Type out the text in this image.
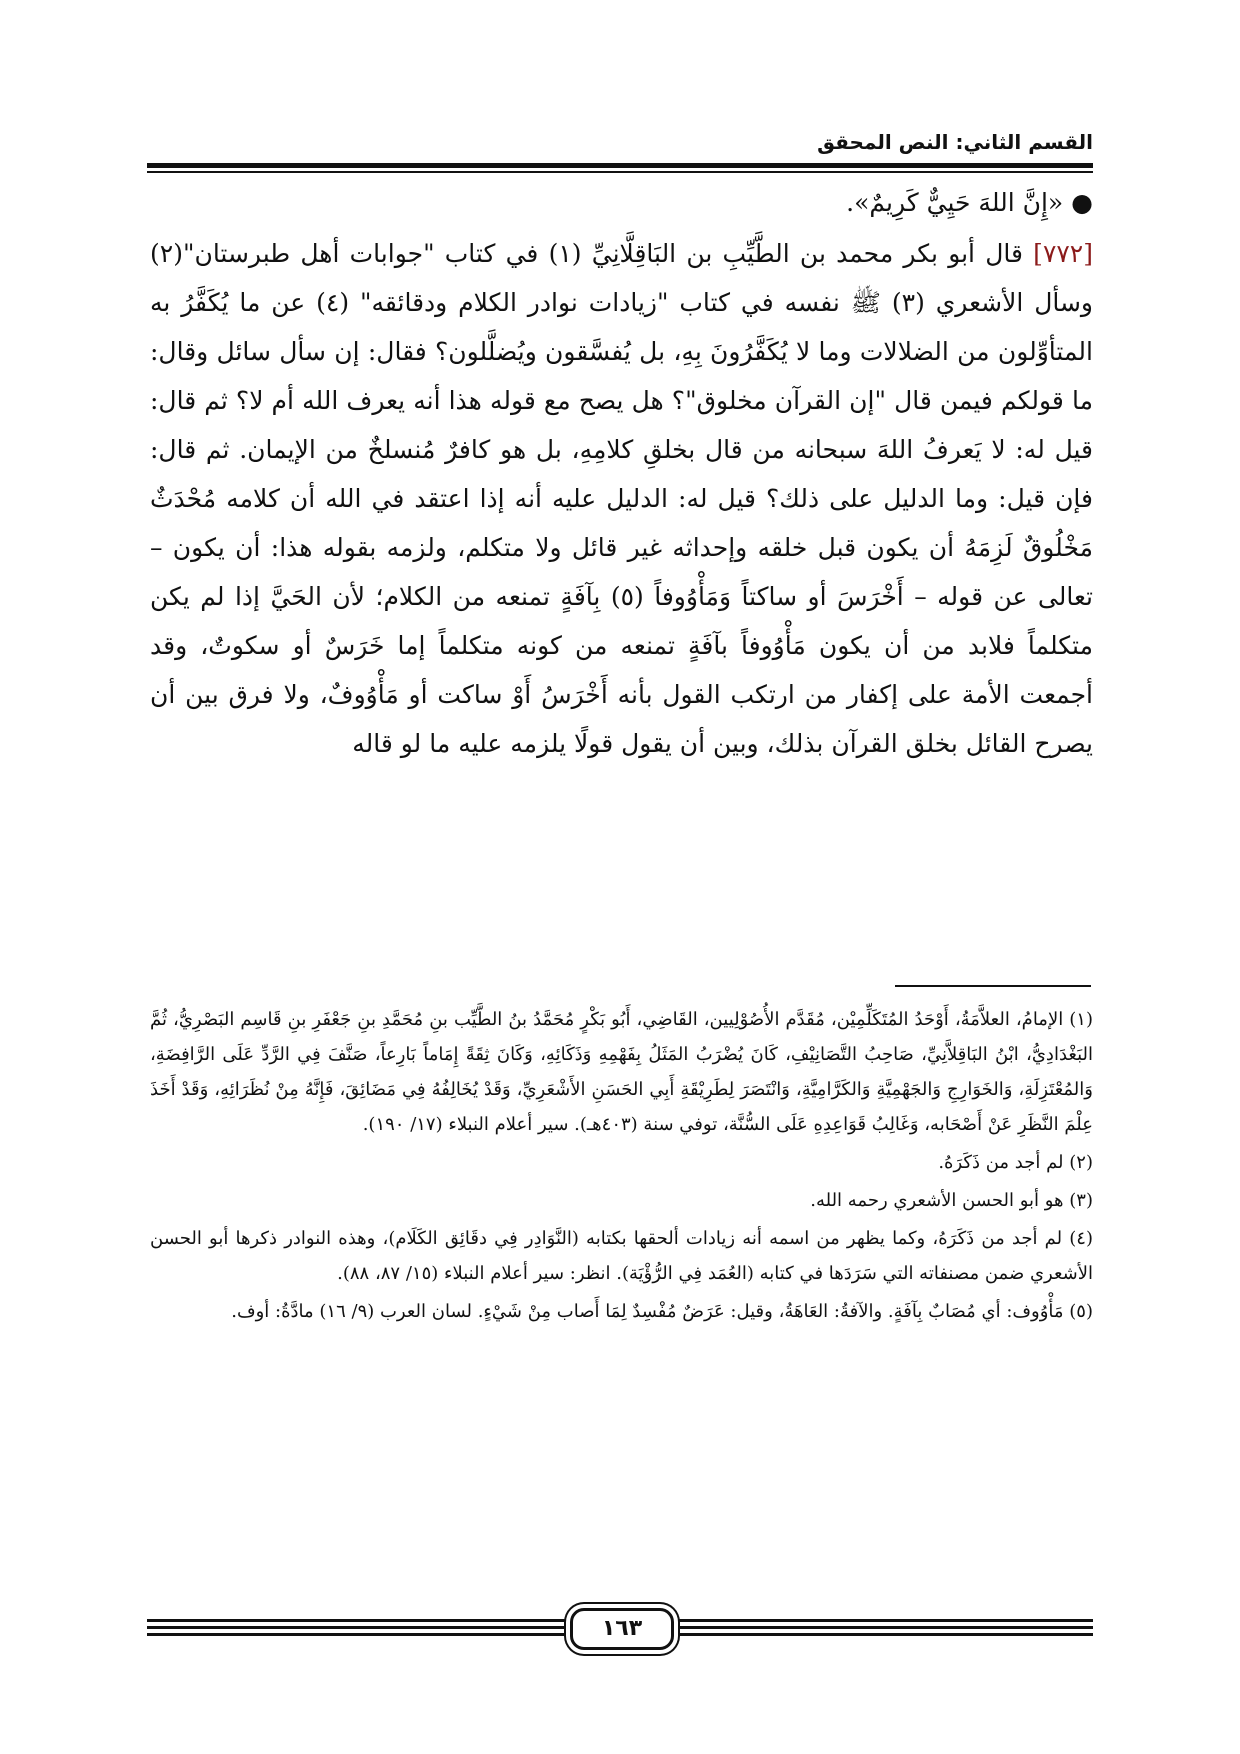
القسم الثاني: النص المحقق

● «إِنَّ اللهَ حَيِيٌّ كَرِيمٌ».

[٧٧٢] قال أبو بكر محمد بن الطَّيِّبِ بن البَاقِلَّانِيِّ (١) في كتاب "جوابات أهل طبرستان"(٢) وسأل الأشعري (٣) ﷺ نفسه في كتاب "زيادات نوادر الكلام ودقائقه" (٤) عن ما يُكَفَّرُ به المتأوِّلون من الضلالات وما لا يُكَفَّرُونَ بِهِ، بل يُفسَّقون ويُضلَّلون؟ فقال: إن سأل سائل وقال: ما قولكم فيمن قال "إن القرآن مخلوق"؟ هل يصح مع قوله هذا أنه يعرف الله أم لا؟ ثم قال: قيل له: لا يَعرفُ اللهَ سبحانه من قال بخلقِ كلامِهِ، بل هو كافرٌ مُنسلخٌ من الإيمان. ثم قال: فإن قيل: وما الدليل على ذلك؟ قيل له: الدليل عليه أنه إذا اعتقد في الله أن كلامه مُحْدَثٌ مَخْلُوقٌ لَزِمَهُ أن يكون قبل خلقه وإحداثه غير قائل ولا متكلم، ولزمه بقوله هذا: أن يكون – تعالى عن قوله – أَخْرَسَ أو ساكتاً وَمَأْوُوفاً (٥) بِآفَةٍ تمنعه من الكلام؛ لأن الحَيَّ إذا لم يكن متكلماً فلابد من أن يكون مَأْوُوفاً بآفَةٍ تمنعه من كونه متكلماً إما خَرَسٌ أو سكوتٌ، وقد أجمعت الأمة على إكفار من ارتكب القول بأنه أَخْرَسُ أَوْ ساكت أو مَأْوُوفٌ، ولا فرق بين أن يصرح القائل بخلق القرآن بذلك، وبين أن يقول قولًا يلزمه عليه ما لو قاله

(١) الإمامُ، العلاَّمَةُ، أَوْحَدُ المُتَكَلِّمِيْن، مُقَدَّم الأُصُوْلِيين، القَاضِي، أَبُو بَكْرٍ مُحَمَّدُ بنُ الطَّيِّب بنِ مُحَمَّدِ بنِ جَعْفَرِ بنِ قَاسِم البَصْرِيُّ، ثُمَّ البَغْدَادِيُّ، ابْنُ البَاقِلاَّنِيِّ، صَاحِبُ التَّصَانِيْفِ، كَانَ يُضْرَبُ المَثَلُ بِفَهْمِهِ وَذَكَائِهِ، وَكَانَ ثِقَةً إِمَاماً بَارِعاً، صَنَّفَ فِي الرَّدِّ عَلَى الرَّافِضَةِ، وَالمُعْتَزِلَةِ، وَالخَوَارِجِ وَالجَهْمِيَّةِ وَالكَرَّامِيَّةِ، وَانْتَصَرَ لِطَرِيْقَةِ أَبِي الحَسَنِ الأَشْعَرِيِّ، وَقَدْ يُخَالِفُهُ فِي مَضَائِقَ، فَإِنَّهُ مِنْ نُظَرَائِهِ، وَقَدْ أَخَذَ عِلْمَ النَّظَرِ عَنْ أَصْحَابه، وَغَالِبُ قَوَاعِدِهِ عَلَى السُّنَّة، توفي سنة (٤٠٣هـ). سير أعلام النبلاء (١٧/ ١٩٠).

(٢) لم أجد من ذَكَرَهُ.

(٣) هو أبو الحسن الأشعري رحمه الله.

(٤) لم أجد من ذَكَرَهُ، وكما يظهر من اسمه أنه زيادات ألحقها بكتابه (النَّوَادِر فِي دقَائِق الكَلَام)، وهذه النوادر ذكرها أبو الحسن الأشعري ضمن مصنفاته التي سَرَدَها في كتابه (العُمَد فِي الرُّؤْيَة). انظر: سير أعلام النبلاء (١٥/ ٨٧، ٨٨).

(٥) مَأْوُوف: أي مُصَابٌ بِآفَةٍ. والآفةُ: العَاهَةُ، وقيل: عَرَضٌ مُفْسِدٌ لِمَا أَصاب مِنْ شَيْءٍ. لسان العرب (٩/ ١٦) مادَّةُ: أوف.

١٦٣
